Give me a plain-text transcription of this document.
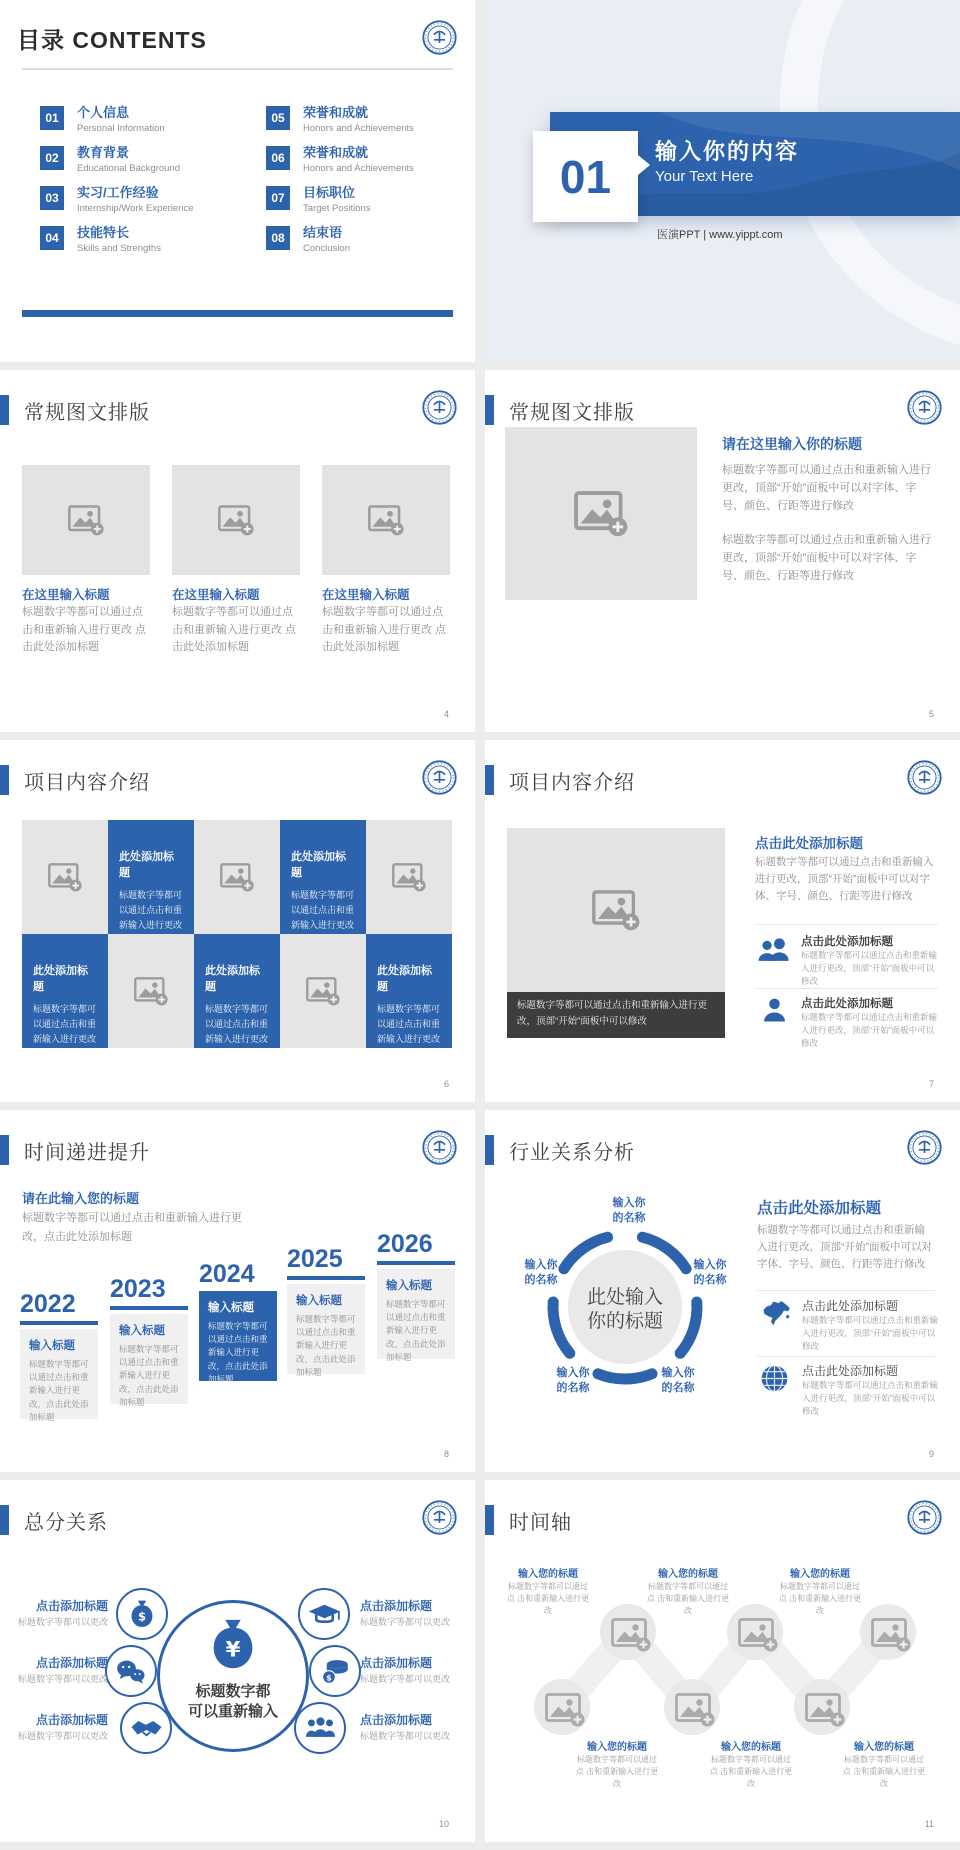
目录 CONTENTS
01	个人信息
Personal Information
02	教育背景
Educational Background
03	实习/工作经验
Internship/Work Experience
04	技能特长
Skills and Strengths
05	荣誉和成就
Honors and Achievements
06	荣誉和成就
Honors and Achievements
07	目标职位
Target Positions
08	结束语
Conclusion
01 输入你的内容
Your Text Here
医演PPT | www.yippt.com
常规图文排版
在这里输入标题	在这里输入标题	在这里输入标题
标题数字等都可以通过点击和重新输入进行更改 点击此处添加标题
标题数字等都可以通过点击和重新输入进行更改 点击此处添加标题
标题数字等都可以通过点击和重新输入进行更改 点击此处添加标题
4
常规图文排版
请在这里输入你的标题
标题数字等都可以通过点击和重新输入进行更改，顶部“开始”面板中可以对字体、字号、颜色、行距等进行修改
标题数字等都可以通过点击和重新输入进行更改，顶部“开始”面板中可以对字体、字号、颜色、行距等进行修改
5
项目内容介绍
此处添加标题
标题数字等都可以通过点击和重新输入进行更改
此处添加标题
标题数字等都可以通过点击和重新输入进行更改
此处添加标题
标题数字等都可以通过点击和重新输入进行更改
此处添加标题
标题数字等都可以通过点击和重新输入进行更改
此处添加标题
标题数字等都可以通过点击和重新输入进行更改
6
项目内容介绍
标题数字等都可以通过点击和重新输入进行更改，顶部“开始”面板中可以修改
点击此处添加标题
标题数字等都可以通过点击和重新输入进行更改，顶部“开始”面板中可以对字体、字号、颜色、行距等进行修改
点击此处添加标题
标题数字等都可以通过点击和重新输入进行更改，顶部“开始”面板中可以修改
点击此处添加标题
标题数字等都可以通过点击和重新输入进行更改，顶部“开始”面板中可以修改
7
时间递进提升
请在此输入您的标题
标题数字等都可以通过点击和重新输入进行更改，点击此处添加标题
2022
输入标题
标题数字等都可以通过点击和重新输入进行更改，点击此处添加标题
2023
输入标题
标题数字等都可以通过点击和重新输入进行更改，点击此处添加标题
2024
输入标题
标题数字等都可以通过点击和重新输入进行更改，点击此处添加标题
2025
输入标题
标题数字等都可以通过点击和重新输入进行更改，点击此处添加标题
2026
输入标题
标题数字等都可以通过点击和重新输入进行更改，点击此处添加标题
8
行业关系分析
此处输入
你的标题
输入你
的名称
输入你
的名称
输入你
的名称
输入你
的名称
输入你
的名称
点击此处添加标题
标题数字等都可以通过点击和重新输入进行更改，顶部“开始”面板中可以对字体、字号、颜色、行距等进行修改
点击此处添加标题
标题数字等都可以通过点击和重新输入进行更改，顶部“开始”面板中可以修改
点击此处添加标题
标题数字等都可以通过点击和重新输入进行更改，顶部“开始”面板中可以修改
9
总分关系
标题数字都
可以重新输入
点击添加标题
标题数字等都可以更改
点击添加标题
标题数字等都可以更改
点击添加标题
标题数字等都可以更改
点击添加标题
标题数字等都可以更改
点击添加标题
标题数字等都可以更改
点击添加标题
标题数字等都可以更改
10
时间轴
输入您的标题
标题数字等都可以通过点 击和重新输入进行更改
输入您的标题
标题数字等都可以通过点 击和重新输入进行更改
输入您的标题
标题数字等都可以通过点 击和重新输入进行更改
输入您的标题
标题数字等都可以通过点 击和重新输入进行更改
输入您的标题
标题数字等都可以通过点 击和重新输入进行更改
输入您的标题
标题数字等都可以通过点 击和重新输入进行更改
11
